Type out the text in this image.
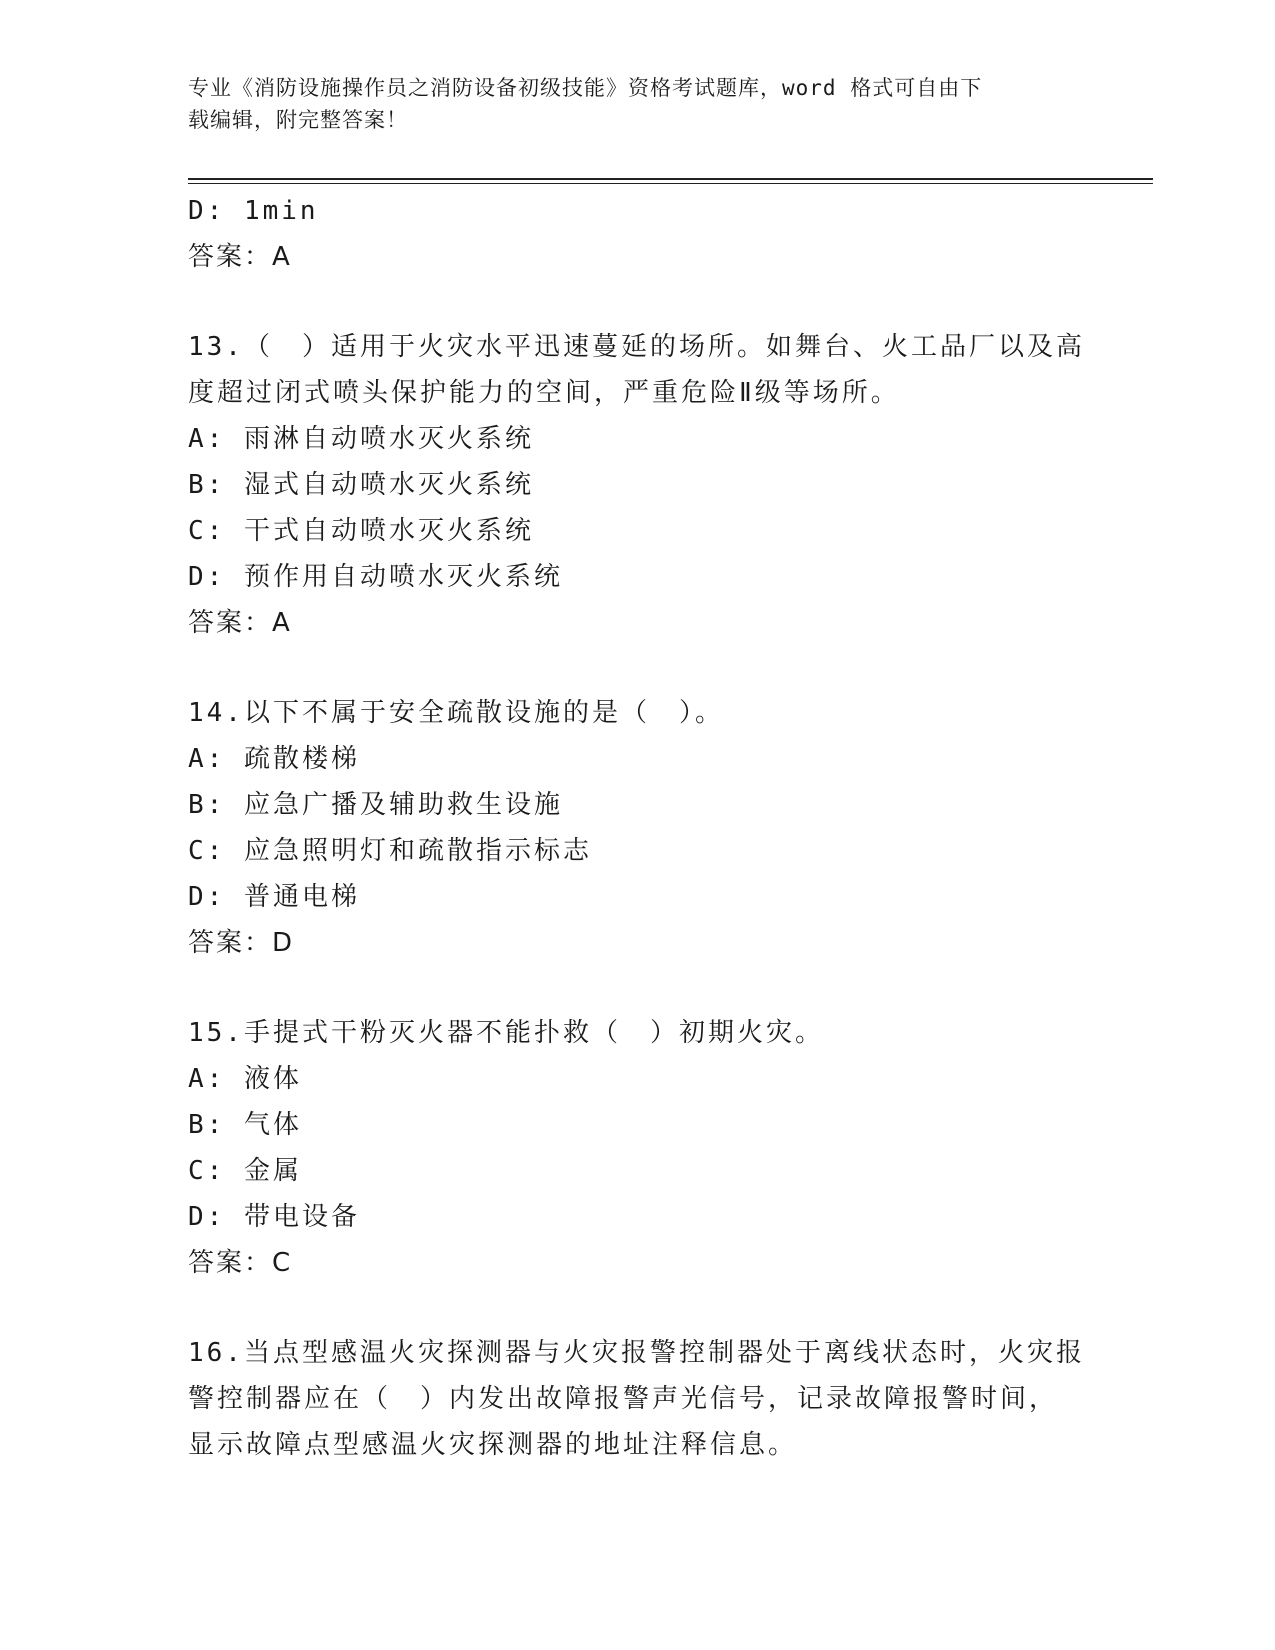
专业《消防设施操作员之消防设备初级技能》资格考试题库，word 格式可自由下
载编辑，附完整答案！
D: 1min
答案：A
13.（　）适用于火灾水平迅速蔓延的场所。如舞台、火工品厂以及高
度超过闭式喷头保护能力的空间，严重危险Ⅱ级等场所。
A: 雨淋自动喷水灭火系统
B: 湿式自动喷水灭火系统
C: 干式自动喷水灭火系统
D: 预作用自动喷水灭火系统
答案：A
14.以下不属于安全疏散设施的是（　）。
A: 疏散楼梯
B: 应急广播及辅助救生设施
C: 应急照明灯和疏散指示标志
D: 普通电梯
答案：D
15.手提式干粉灭火器不能扑救（　）初期火灾。
A: 液体
B: 气体
C: 金属
D: 带电设备
答案：C
16.当点型感温火灾探测器与火灾报警控制器处于离线状态时，火灾报
警控制器应在（　）内发出故障报警声光信号，记录故障报警时间，
显示故障点型感温火灾探测器的地址注释信息。
